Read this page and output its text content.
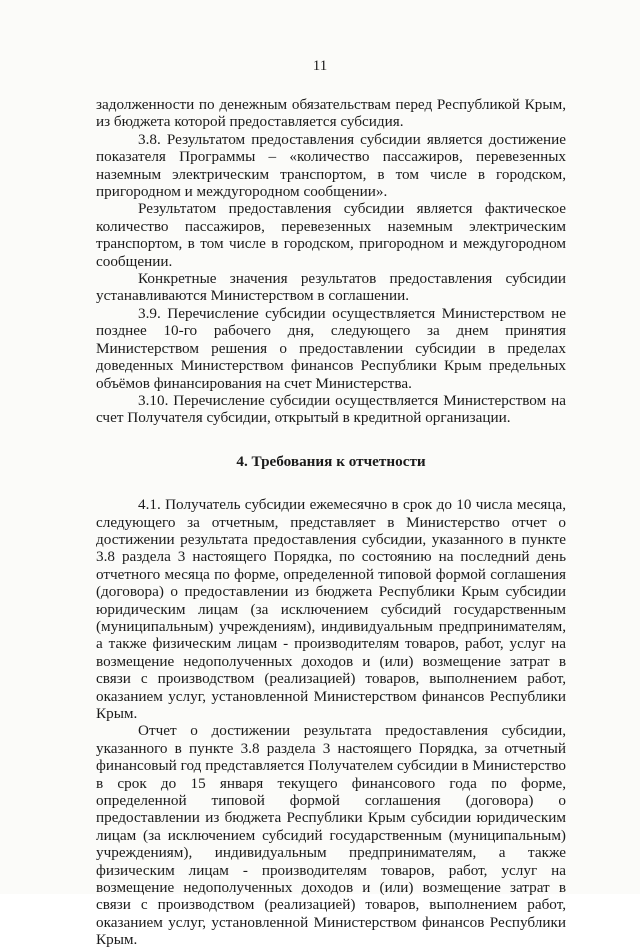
11

задолженности по денежным обязательствам перед Республикой Крым, из бюджета которой предоставляется субсидия.

3.8. Результатом предоставления субсидии является достижение показателя Программы – «количество пассажиров, перевезенных наземным электрическим транспортом, в том числе в городском, пригородном и междугородном сообщении».

Результатом предоставления субсидии является фактическое количество пассажиров, перевезенных наземным электрическим транспортом, в том числе в городском, пригородном и междугородном сообщении.

Конкретные значения результатов предоставления субсидии устанавливаются Министерством в соглашении.

3.9. Перечисление субсидии осуществляется Министерством не позднее 10-го рабочего дня, следующего за днем принятия Министерством решения о предоставлении субсидии в пределах доведенных Министерством финансов Республики Крым предельных объёмов финансирования на счет Министерства.

3.10. Перечисление субсидии осуществляется Министерством на счет Получателя субсидии, открытый в кредитной организации.

4. Требования к отчетности

4.1. Получатель субсидии ежемесячно в срок до 10 числа месяца, следующего за отчетным, представляет в Министерство отчет о достижении результата предоставления субсидии, указанного в пункте 3.8 раздела 3 настоящего Порядка, по состоянию на последний день отчетного месяца по форме, определенной типовой формой соглашения (договора) о предоставлении из бюджета Республики Крым субсидии юридическим лицам (за исключением субсидий государственным (муниципальным) учреждениям), индивидуальным предпринимателям, а также физическим лицам - производителям товаров, работ, услуг на возмещение недополученных доходов и (или) возмещение затрат в связи с производством (реализацией) товаров, выполнением работ, оказанием услуг, установленной Министерством финансов Республики Крым.

Отчет о достижении результата предоставления субсидии, указанного в пункте 3.8 раздела 3 настоящего Порядка, за отчетный финансовый год представляется Получателем субсидии в Министерство в срок до 15 января текущего финансового года по форме, определенной типовой формой соглашения (договора) о предоставлении из бюджета Республики Крым субсидии юридическим лицам (за исключением субсидий государственным (муниципальным) учреждениям), индивидуальным предпринимателям, а также физическим лицам - производителям товаров, работ, услуг на возмещение недополученных доходов и (или) возмещение затрат в связи с производством (реализацией) товаров, выполнением работ, оказанием услуг, установленной Министерством финансов Республики Крым.
